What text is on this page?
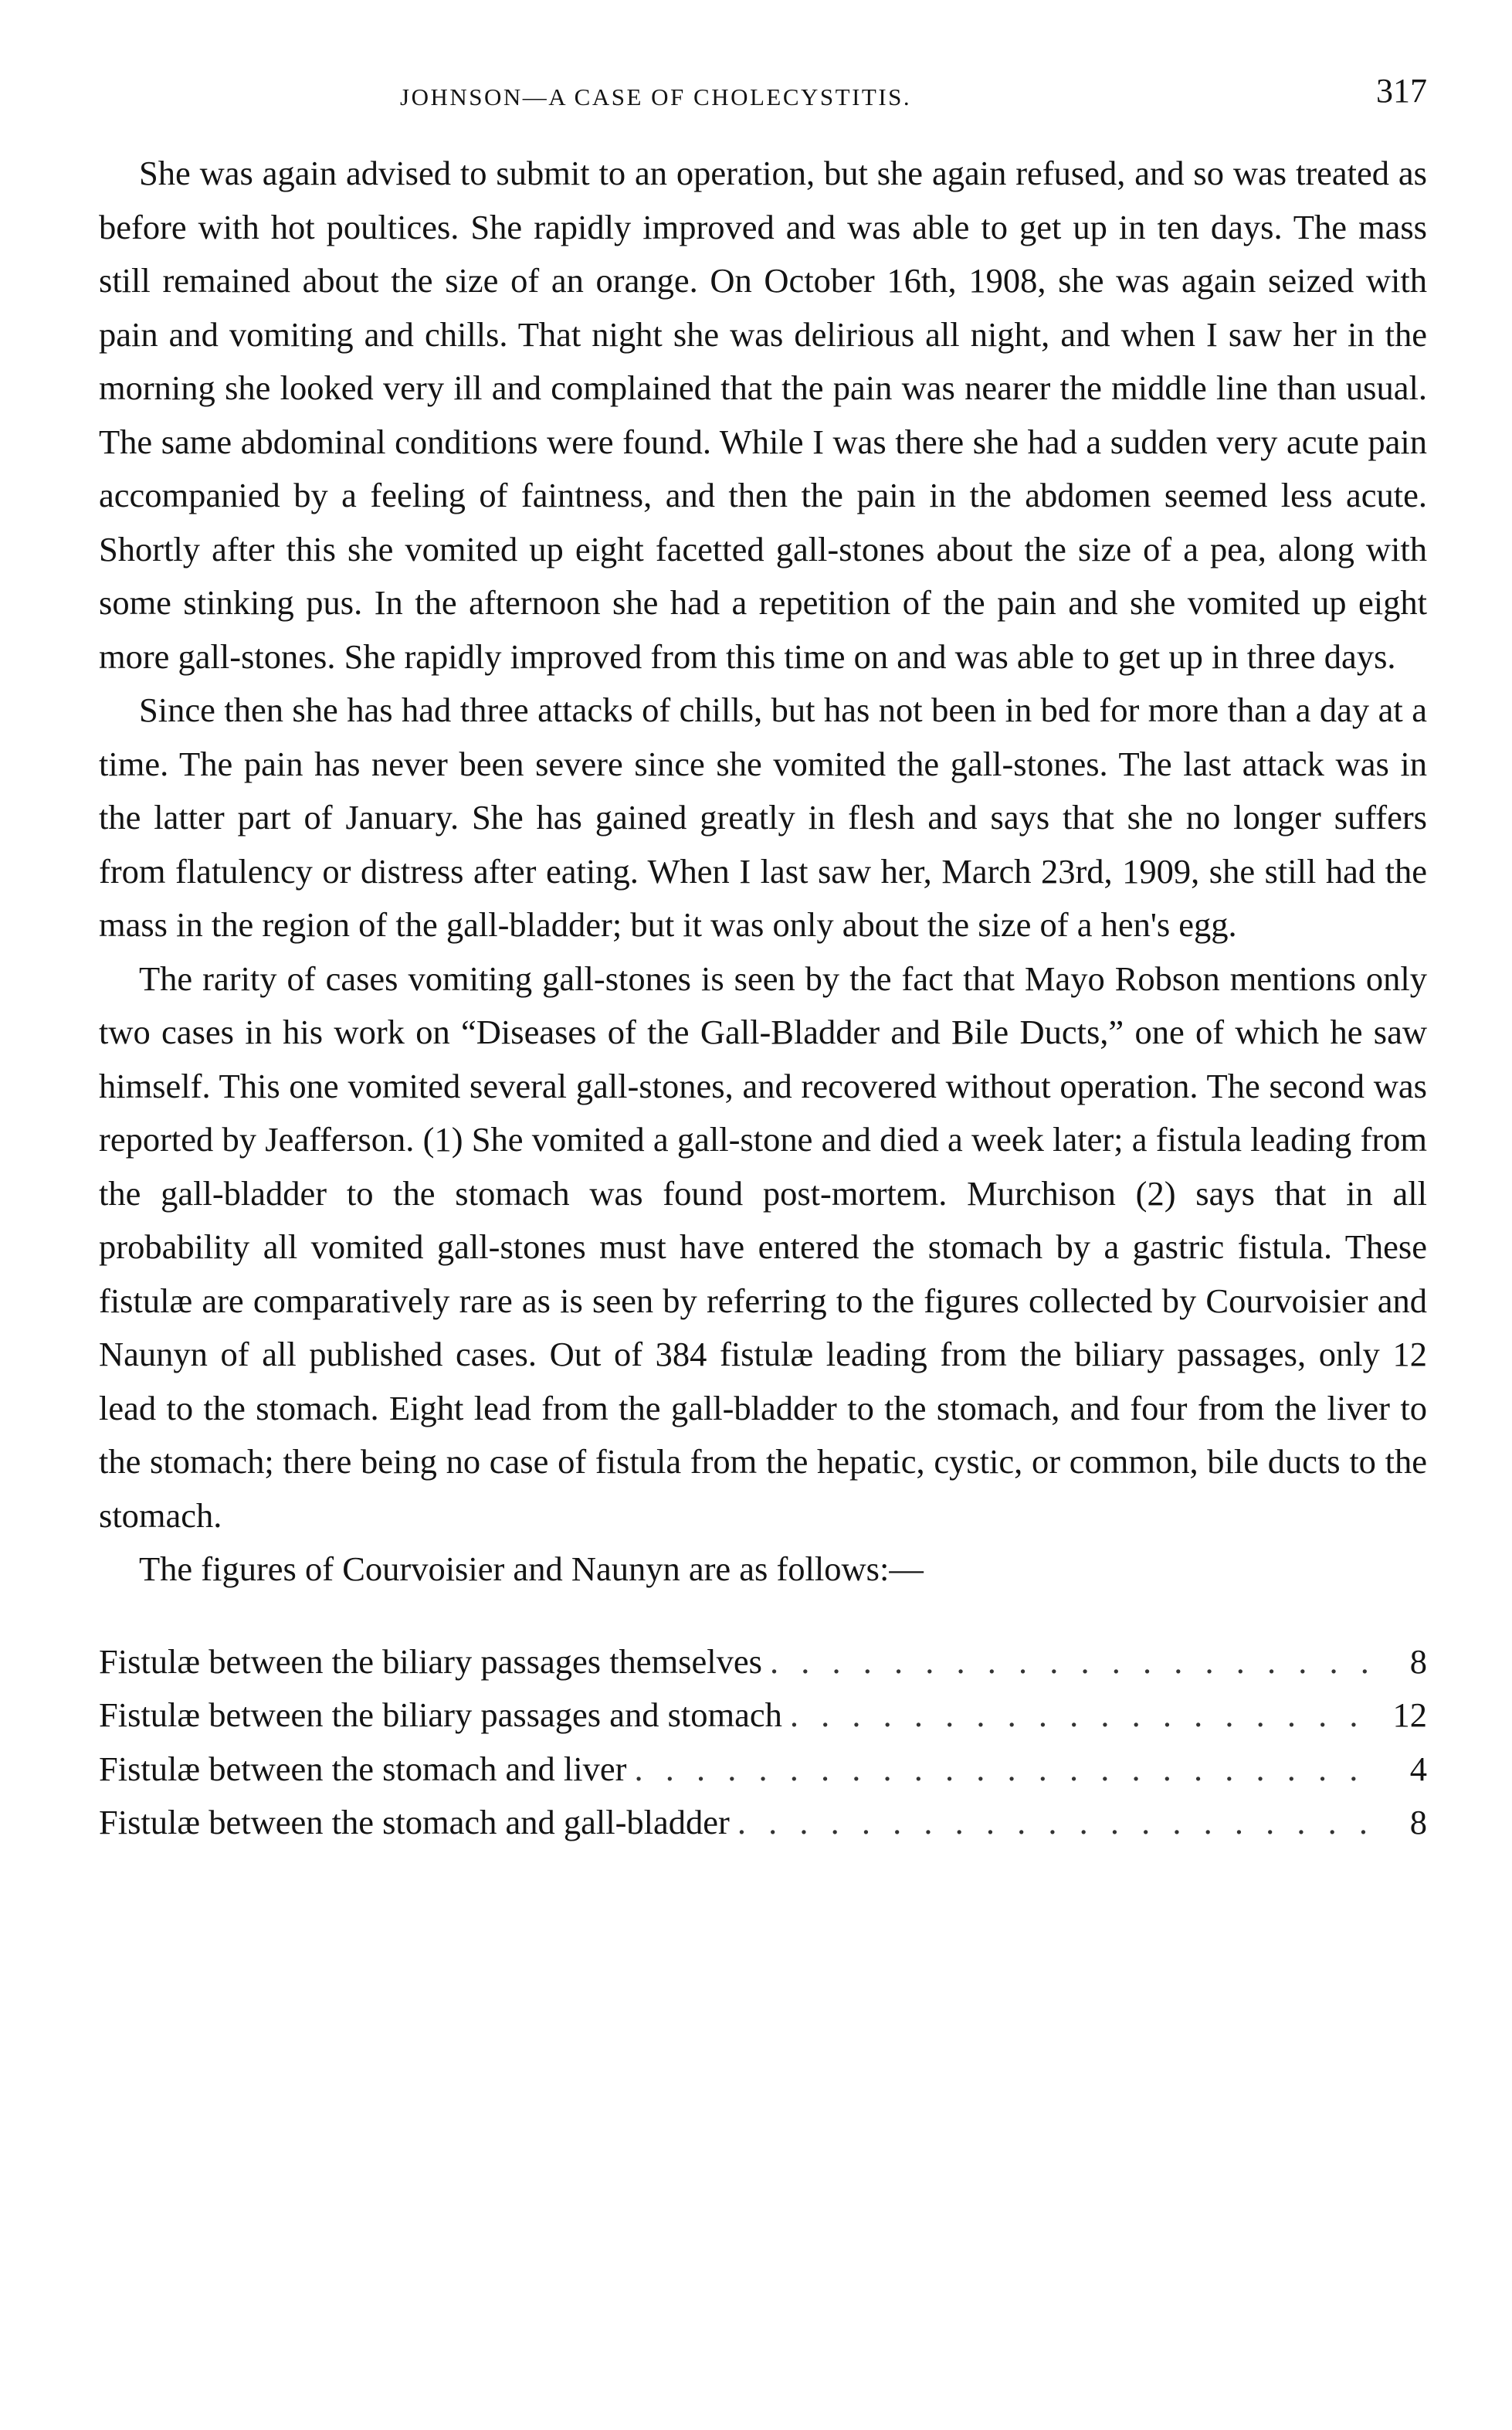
JOHNSON—A CASE OF CHOLECYSTITIS.	317

She was again advised to submit to an operation, but she again refused, and so was treated as before with hot poultices. She rapidly improved and was able to get up in ten days. The mass still remained about the size of an orange. On October 16th, 1908, she was again seized with pain and vomiting and chills. That night she was delirious all night, and when I saw her in the morning she looked very ill and complained that the pain was nearer the middle line than usual. The same abdominal conditions were found. While I was there she had a sudden very acute pain accompanied by a feeling of faintness, and then the pain in the abdomen seemed less acute. Shortly after this she vomited up eight facetted gall-stones about the size of a pea, along with some stinking pus. In the afternoon she had a repetition of the pain and she vomited up eight more gall-stones. She rapidly improved from this time on and was able to get up in three days.

Since then she has had three attacks of chills, but has not been in bed for more than a day at a time. The pain has never been severe since she vomited the gall-stones. The last attack was in the latter part of January. She has gained greatly in flesh and says that she no longer suffers from flatulency or distress after eating. When I last saw her, March 23rd, 1909, she still had the mass in the region of the gall-bladder; but it was only about the size of a hen's egg.

The rarity of cases vomiting gall-stones is seen by the fact that Mayo Robson mentions only two cases in his work on “Diseases of the Gall-Bladder and Bile Ducts,” one of which he saw himself. This one vomited several gall-stones, and recovered without operation. The second was reported by Jeafferson. (1) She vomited a gall-stone and died a week later; a fistula leading from the gall-bladder to the stomach was found post-mortem. Murchison (2) says that in all probability all vomited gall-stones must have entered the stomach by a gastric fistula. These fistulæ are comparatively rare as is seen by referring to the figures collected by Courvoisier and Naunyn of all published cases. Out of 384 fistulæ leading from the biliary passages, only 12 lead to the stomach. Eight lead from the gall-bladder to the stomach, and four from the liver to the stomach; there being no case of fistula from the hepatic, cystic, or common, bile ducts to the stomach.

The figures of Courvoisier and Naunyn are as follows:—

Fistulæ between the biliary passages themselves . . .	8
Fistulæ between the biliary passages and stomach . . .	12
Fistulæ between the stomach and liver . . .	4
Fistulæ between the stomach and gall-bladder . . .	8
